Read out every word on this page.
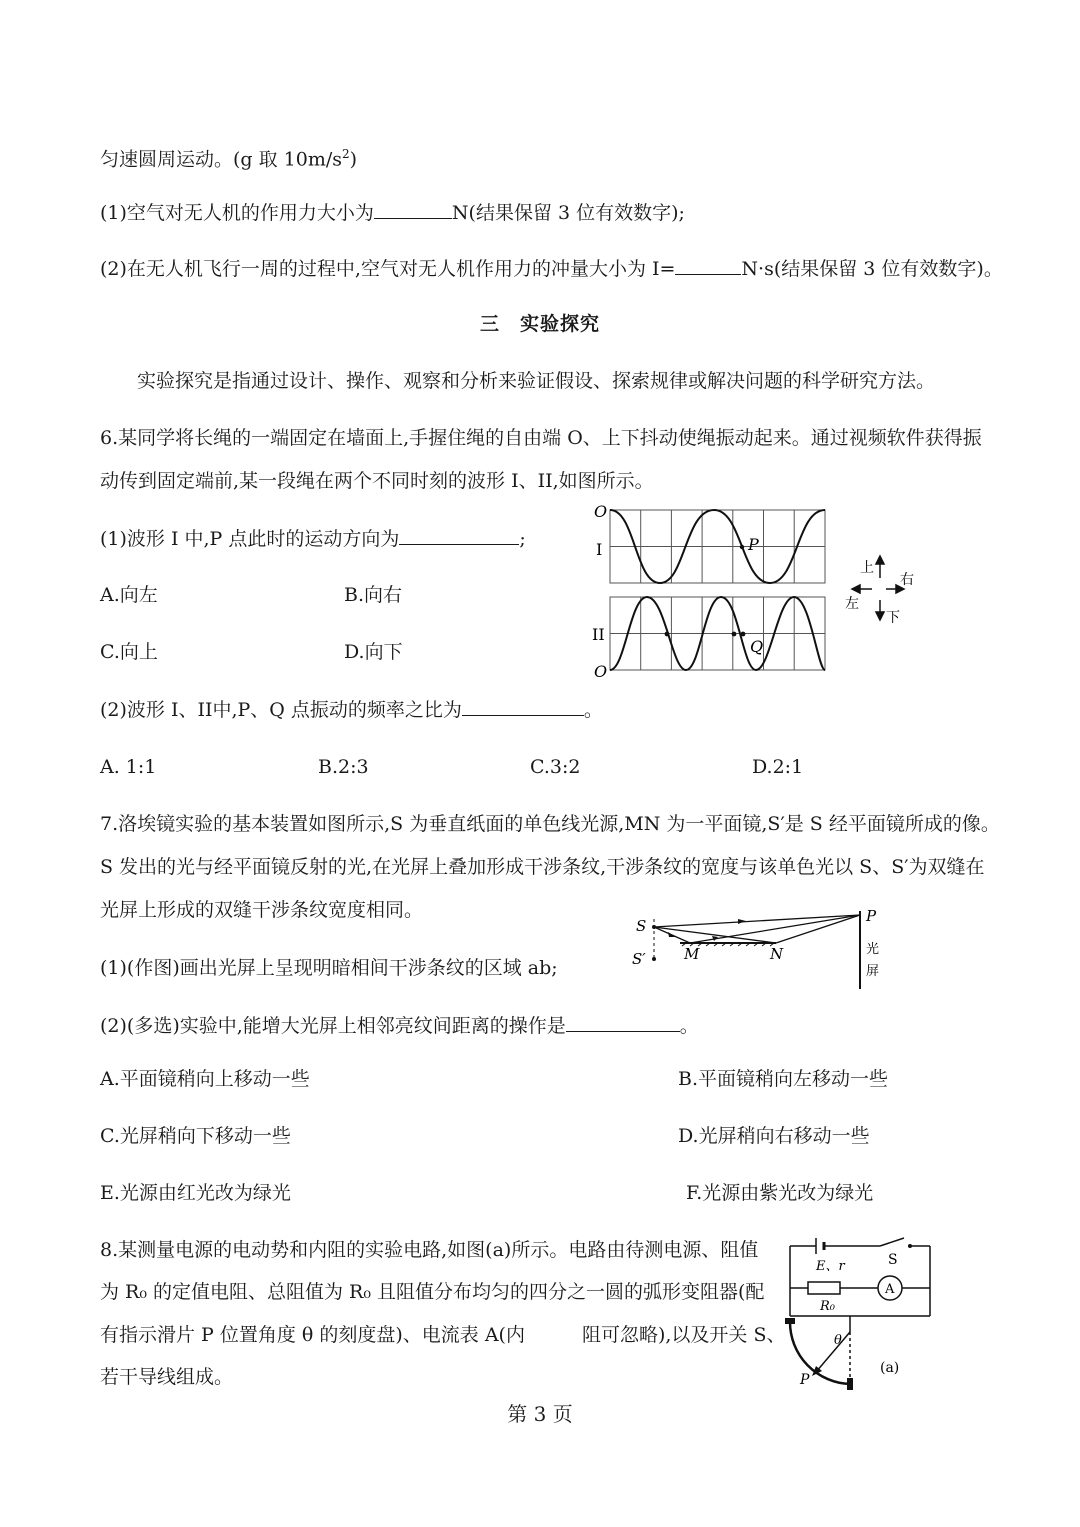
匀速圆周运动。(g 取 $10m/s^2$)
(1)空气对无人机的作用力大小为	N(结果保留 3 位有效数字);
(2)在无人机飞行一周的过程中,空气对无人机作用力的冲量大小为 I=	N·s(结果保留 3 位有效数字)。
三　实验探究
实验探究是指通过设计、操作、观察和分析来验证假设、探索规律或解决问题的科学研究方法。
6.某同学将长绳的一端固定在墙面上,手握住绳的自由端 O、上下抖动使绳振动起来。通过视频软件获得振
动传到固定端前,某一段绳在两个不同时刻的波形 I、II,如图所示。
(1)波形 I 中,P 点此时的运动方向为	;
A.向左	B.向右
C.向上	D.向下
(2)波形 I、II中,P、Q 点振动的频率之比为	。
A. 1:1	B.2:3	C.3:2	D.2:1
O
I
II
O
P
Q
上
右
左
下
7.洛埃镜实验的基本装置如图所示,S 为垂直纸面的单色线光源,MN 为一平面镜,S′是 S 经平面镜所成的像。
S 发出的光与经平面镜反射的光,在光屏上叠加形成干涉条纹,干涉条纹的宽度与该单色光以 S、S′为双缝在
光屏上形成的双缝干涉条纹宽度相同。
(1)(作图)画出光屏上呈现明暗相间干涉条纹的区域 ab;
(2)(多选)实验中,能增大光屏上相邻亮纹间距离的操作是	。
A.平面镜稍向上移动一些	B.平面镜稍向左移动一些
C.光屏稍向下移动一些	D.光屏稍向右移动一些
E.光源由红光改为绿光	F.光源由紫光改为绿光
S
S′	M	N
P
光
屏
8.某测量电源的电动势和内阻的实验电路,如图(a)所示。电路由待测电源、阻值
为 R₀ 的定值电阻、总阻值为 R₀ 且阻值分布均匀的四分之一圆的弧形变阻器(配
有指示滑片 P 位置角度 θ 的刻度盘)、电流表 A(内　　　阻可忽略),以及开关 S、
若干导线组成。
E、r	S
A
R₀
θ
P
(a)
第 3 页
